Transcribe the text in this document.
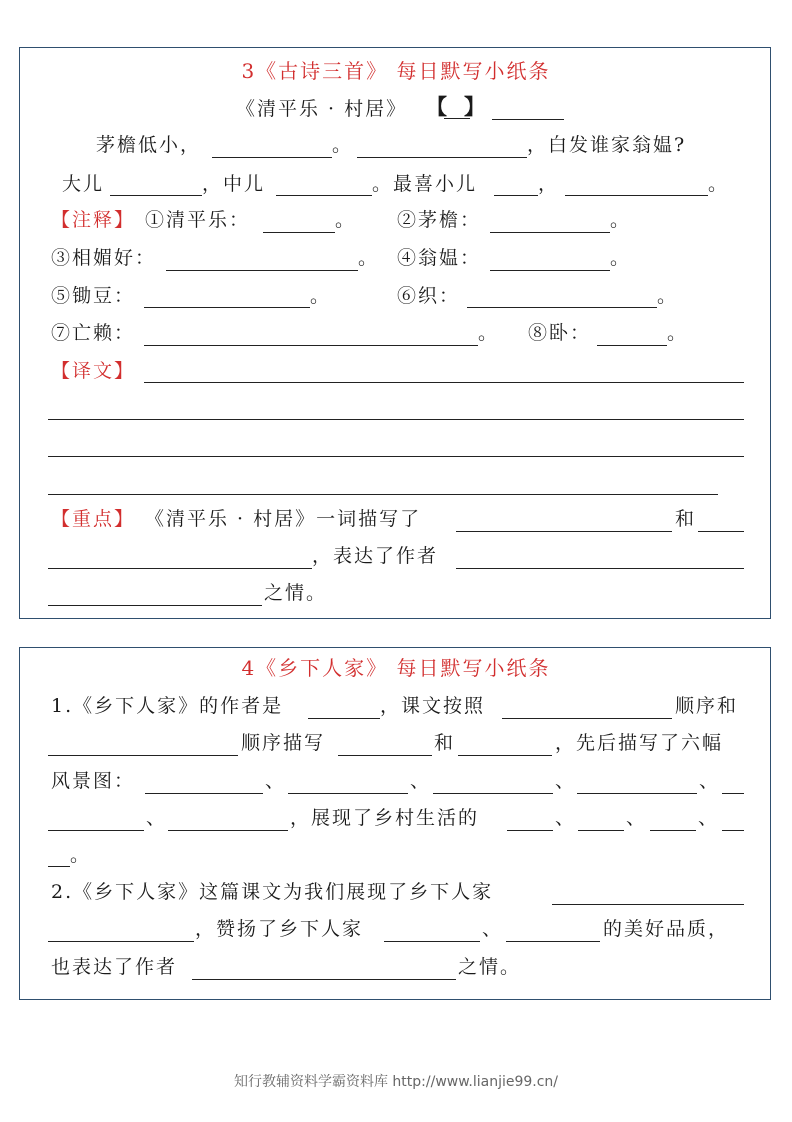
3《古诗三首》 每日默写小纸条
《清平乐 · 村居》 【 】
茅檐低小，	。	，白发谁家翁媪?
大儿	，中儿	。最喜小儿	，	。
【注释】 ①清平乐：	。 ②茅檐：	。
③相媚好：	。 ④翁媪：	。
⑤锄豆：	。	⑥织：	。
⑦亡赖：	。 ⑧卧：	。
【译文】
【重点】 《清平乐 · 村居》一词描写了	和
，表达了作者
之情。
4《乡下人家》 每日默写小纸条
1.《乡下人家》的作者是	，课文按照	顺序和
顺序描写	和	，先后描写了六幅
风景图：	、	、	、	、
、	，展现了乡村生活的	、	、	、
。
2.《乡下人家》这篇课文为我们展现了乡下人家
，赞扬了乡下人家	、	的美好品质，
也表达了作者	之情。
知行教辅资料学霸资料库 http://www.lianjie99.cn/
